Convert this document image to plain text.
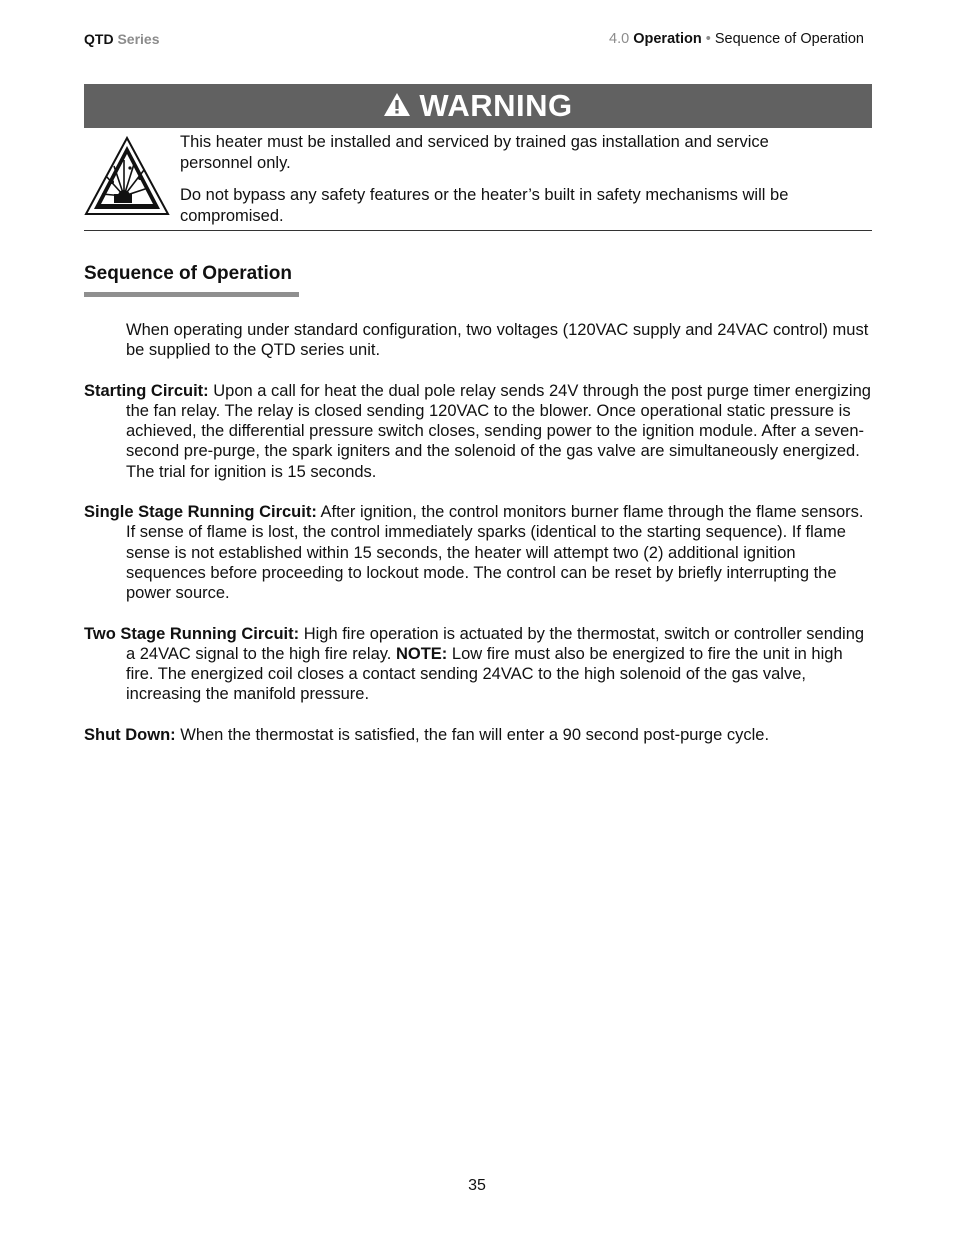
QTD Series	4.0 Operation • Sequence of Operation
WARNING

This heater must be installed and serviced by trained gas installation and service personnel only.

Do not bypass any safety features or the heater’s built in safety mechanisms will be compromised.

Sequence of Operation

When operating under standard configuration, two voltages (120VAC supply and 24VAC control) must be supplied to the QTD series unit.

Starting Circuit: Upon a call for heat the dual pole relay sends 24V through the post purge timer energizing the fan relay. The relay is closed sending 120VAC to the blower. Once operational static pressure is achieved, the differential pressure switch closes, sending power to the ignition module. After a seven-second pre-purge, the spark igniters and the solenoid of the gas valve are simultaneously energized. The trial for ignition is 15 seconds.

Single Stage Running Circuit: After ignition, the control monitors burner flame through the flame sensors. If sense of flame is lost, the control immediately sparks (identical to the starting sequence). If flame sense is not established within 15 seconds, the heater will attempt two (2) additional ignition sequences before proceeding to lockout mode. The control can be reset by briefly interrupting the power source.

Two Stage Running Circuit: High fire operation is actuated by the thermostat, switch or controller sending a 24VAC signal to the high fire relay. NOTE: Low fire must also be energized to fire the unit in high fire. The energized coil closes a contact sending 24VAC to the high solenoid of the gas valve, increasing the manifold pressure.

Shut Down: When the thermostat is satisfied, the fan will enter a 90 second post-purge cycle.

35
